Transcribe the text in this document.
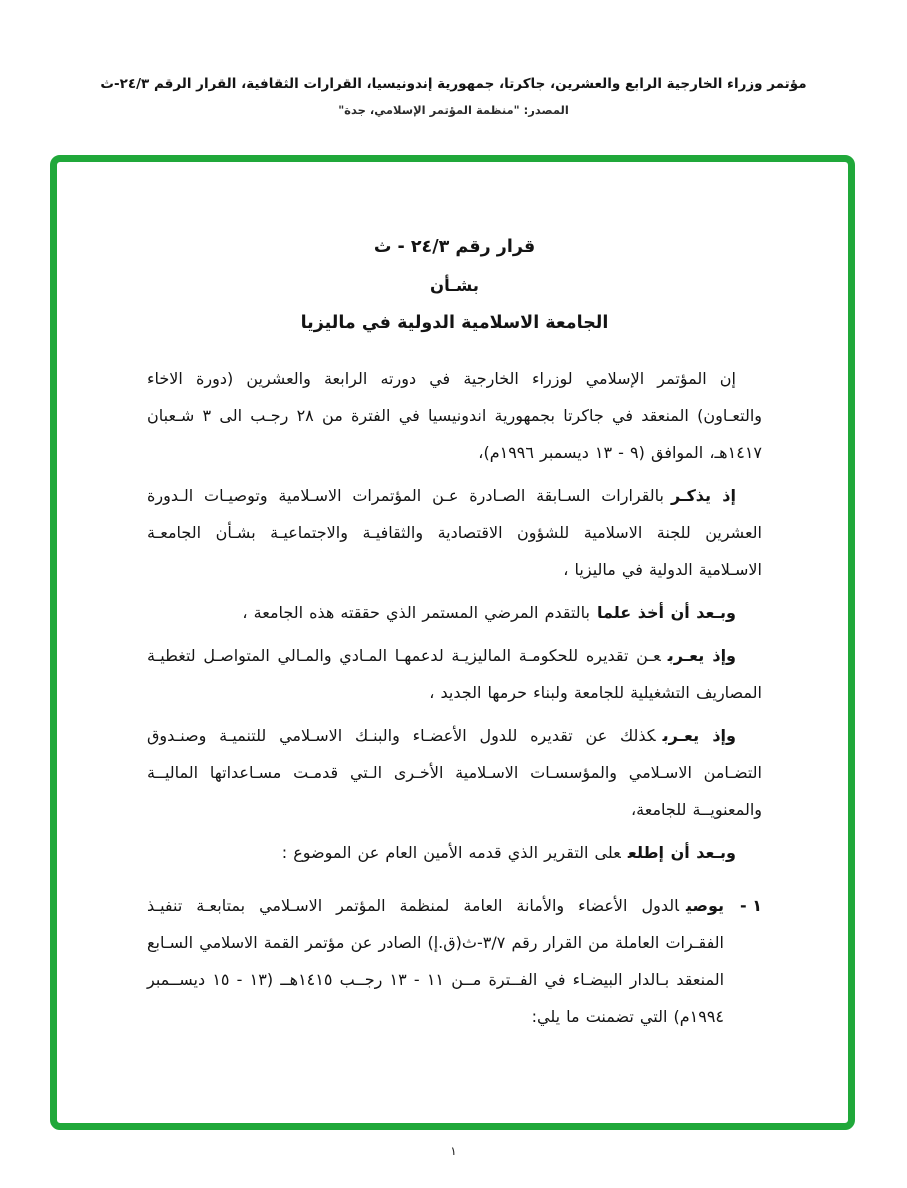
مؤتمر وزراء الخارجية الرابع والعشرين، جاكرتا، جمهورية إندونيسيا، القرارات الثقافية، القرار الرقم ٢٤/٣-ث
المصدر: "منظمة المؤتمر الإسلامي، جدة"
قرار رقم ٢٤/٣ - ث
بشـأن
الجامعة الاسلامية الدولية في ماليزيا

إن المؤتمر الإسلامي لوزراء الخارجية في دورته الرابعة والعشرين (دورة الاخاء والتعـاون) المنعقد في جاكرتا بجمهورية اندونيسيا في الفترة من ٢٨ رجـب الى ٣ شـعبان ١٤١٧هـ، الموافق (٩ - ١٣ ديسمبر ١٩٩٦م)،

إذ يذكـربالقرارات السـابقة الصـادرة عـن المؤتمرات الاسـلامية وتوصيـات الـدورة العشرين للجنة الاسلامية للشؤون الاقتصادية والثقافيـة والاجتماعيـة بشـأن الجامعـة الاسـلامية الدولية في ماليزيا ،

وبـعد أن أخذ علمابالتقدم المرضي المستمر الذي حققته هذه الجامعة ،

وإذ يعـربعـن تقديره للحكومـة الماليزيـة لدعمهـا المـادي والمـالي المتواصـل لتغطيـة المصاريف التشغيلية للجامعة ولبناء حرمها الجديد ،

وإذ يعـربكذلك عن تقديره للدول الأعضـاء والبنـك الاسـلامي للتنميـة وصنـدوق التضـامن الاسـلامي والمؤسسـات الاسـلامية الأخـرى الـتي قدمـت مسـاعداتها الماليــة والمعنويــة للجامعة،

وبـعد أن إطلععلى التقرير الذي قدمه الأمين العام عن الموضوع :

١ -

يوصيالدول الأعضاء والأمانة العامة لمنظمة المؤتمر الاسـلامي بمتابعـة تنفيـذ الفقـرات العاملة من القرار رقم ٣/٧-ث(ق.إ) الصادر عن مؤتمر القمة الاسلامي السـابع المنعقد بـالدار البيضـاء في الفــترة مــن ١١ - ١٣ رجــب ١٤١٥هــ (١٣ - ١٥ ديســمبر ١٩٩٤م) التي تضمنت ما يلي:

١
